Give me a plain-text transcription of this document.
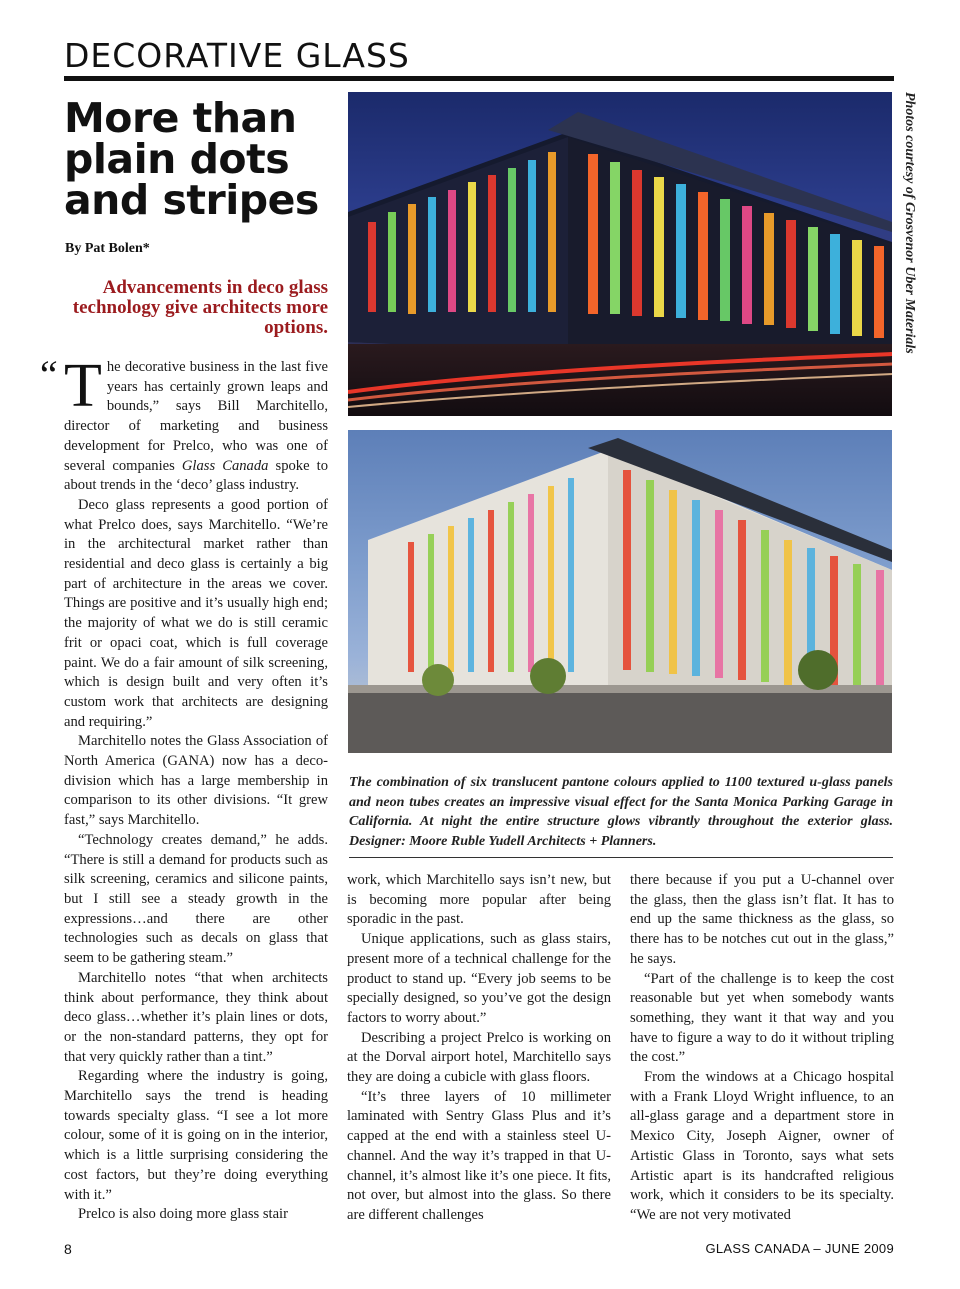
DECORATIVE GLASS
More than
plain dots
and stripes

By Pat Bolen*

Advancements in deco glass technology give architects more options.

“ The decorative business in the last five years has certainly grown leaps and bounds,” says Bill Marchitello, director of marketing and business development for Prelco, who was one of several companies Glass Canada spoke to about trends in the ‘deco’ glass industry.

Deco glass represents a good portion of what Prelco does, says Marchitello. “We’re in the architectural market rather than residential and deco glass is certainly a big part of architecture in the areas we cover. Things are positive and it’s usually high end; the majority of what we do is still ceramic frit or opaci coat, which is full coverage paint. We do a fair amount of silk screening, which is design built and very often it’s custom work that architects are designing and requiring.”

Marchitello notes the Glass Association of North America (GANA) now has a deco-division which has a large membership in comparison to its other divisions. “It grew fast,” says Marchitello.

“Technology creates demand,” he adds. “There is still a demand for products such as silk screening, ceramics and silicone paints, but I still see a steady growth in the expressions…and there are other technologies such as decals on glass that seem to be gathering steam.”

Marchitello notes “that when architects think about performance, they think about deco glass…whether it’s plain lines or dots, or the non-standard patterns, they opt for that very quickly rather than a tint.”

Regarding where the industry is going, Marchitello says the trend is heading towards specialty glass. “I see a lot more colour, some of it is going on in the interior, which is a little surprising considering the cost factors, but they’re doing everything with it.”

Prelco is also doing more glass stair

Photos courtesy of Grosvenor Uber Materials

The combination of six translucent pantone colours applied to 1100 textured u-glass panels and neon tubes creates an impressive visual effect for the Santa Monica Parking Garage in California. At night the entire structure glows vibrantly throughout the exterior glass. Designer: Moore Ruble Yudell Architects + Planners.

work, which Marchitello says isn’t new, but is becoming more popular after being sporadic in the past.

Unique applications, such as glass stairs, present more of a technical challenge for the product to stand up. “Every job seems to be specially designed, so you’ve got the design factors to worry about.”

Describing a project Prelco is working on at the Dorval airport hotel, Marchitello says they are doing a cubicle with glass floors.

“It’s three layers of 10 millimeter laminated with Sentry Glass Plus and it’s capped at the end with a stainless steel U-channel. And the way it’s trapped in that U-channel, it’s almost like it’s one piece. It fits, not over, but almost into the glass. So there are different challenges

there because if you put a U-channel over the glass, then the glass isn’t flat. It has to end up the same thickness as the glass, so there has to be notches cut out in the glass,” he says.

“Part of the challenge is to keep the cost reasonable but yet when somebody wants something, they want it that way and you have to figure a way to do it without tripling the cost.”

From the windows at a Chicago hospital with a Frank Lloyd Wright influence, to an all-glass garage and a department store in Mexico City, Joseph Aigner, owner of Artistic Glass in Toronto, says what sets Artistic apart is its handcrafted religious work, which it considers to be its specialty. “We are not very motivated

8	GLASS CANADA – JUNE 2009
